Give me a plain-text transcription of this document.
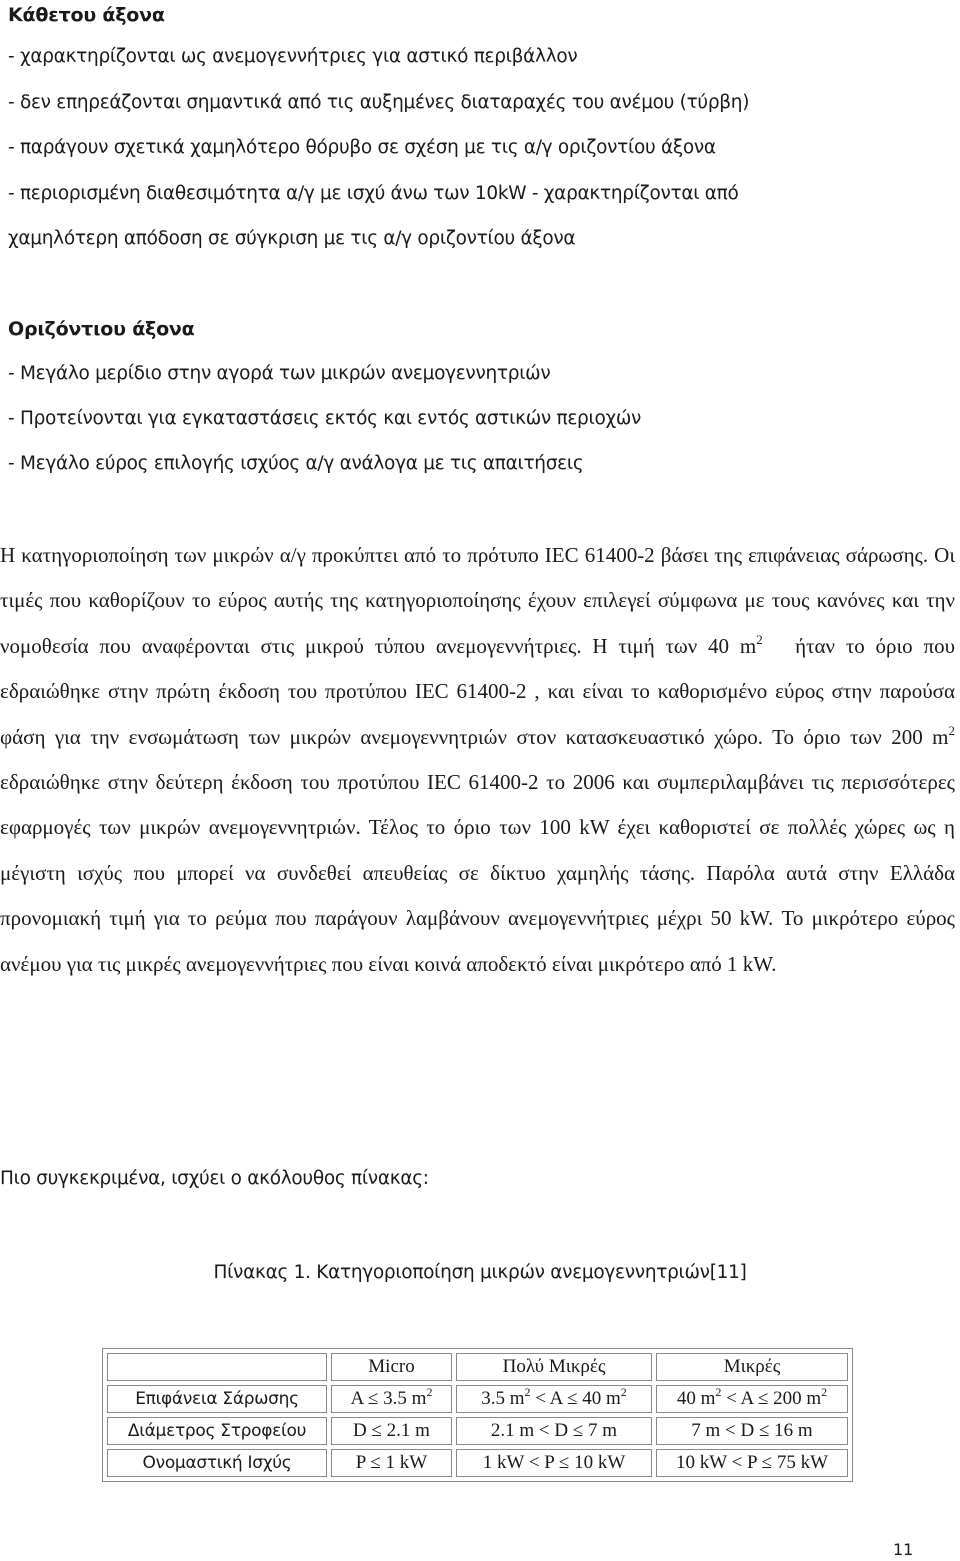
Κάθετου άξονα
- χαρακτηρίζονται ως ανεμογεννήτριες για αστικό περιβάλλον
- δεν επηρεάζονται σημαντικά από τις αυξημένες διαταραχές του ανέμου (τύρβη)
- παράγουν σχετικά χαμηλότερο θόρυβο σε σχέση με τις α/γ οριζοντίου άξονα
- περιορισμένη διαθεσιμότητα α/γ με ισχύ άνω των 10kW - χαρακτηρίζονται από
χαμηλότερη απόδοση σε σύγκριση με τις α/γ οριζοντίου άξονα
Οριζόντιου άξονα
- Μεγάλο μερίδιο στην αγορά των μικρών ανεμογεννητριών
- Προτείνονται για εγκαταστάσεις εκτός και εντός αστικών περιοχών
- Μεγάλο εύρος επιλογής ισχύος α/γ ανάλογα με τις απαιτήσεις
Η κατηγοριοποίηση των μικρών α/γ προκύπτει από το πρότυπο IEC 61400-2 βάσει της επιφάνειας σάρωσης. Οι τιμές που καθορίζουν το εύρος αυτής της κατηγοριοποίησης έχουν επιλεγεί σύμφωνα με τους κανόνες και την νομοθεσία που αναφέρονται στις μικρού τύπου ανεμογεννήτριες. Η τιμή των 40 $m^2$ ήταν το όριο που εδραιώθηκε στην πρώτη έκδοση του προτύπου IEC 61400-2 , και είναι το καθορισμένο εύρος στην παρούσα φάση για την ενσωμάτωση των μικρών ανεμογεννητριών στον κατασκευαστικό χώρο. Το όριο των 200 $m^2$ εδραιώθηκε στην δεύτερη έκδοση του προτύπου IEC 61400-2 το 2006 και συμπεριλαμβάνει τις περισσότερες εφαρμογές των μικρών ανεμογεννητριών. Τέλος το όριο των 100 kW έχει καθοριστεί σε πολλές χώρες ως η μέγιστη ισχύς που μπορεί να συνδεθεί απευθείας σε δίκτυο χαμηλής τάσης. Παρόλα αυτά στην Ελλάδα προνομιακή τιμή για το ρεύμα που παράγουν λαμβάνουν ανεμογεννήτριες μέχρι 50 kW. Το μικρότερο εύρος ανέμου για τις μικρές ανεμογεννήτριες που είναι κοινά αποδεκτό είναι μικρότερο από 1 kW.
Πιο συγκεκριμένα, ισχύει ο ακόλουθος πίνακας:
Πίνακας 1. Κατηγοριοποίηση μικρών ανεμογεννητριών[11]
	Micro	Πολύ Μικρές	Μικρές
Επιφάνεια Σάρωσης	A ≤ 3.5 $m^2$	3.5 $m^2 < A \le 40$ $m^2$	40 $m^2 < A \le 200$ $m^2$
Διάμετρος Στροφείου	D ≤ 2.1 m	2.1 m < D ≤ 7 m	7 m < D ≤ 16 m
Ονομαστική Ισχύς	P ≤ 1 kW	1 kW < P ≤ 10 kW	10 kW < P ≤ 75 kW
11
